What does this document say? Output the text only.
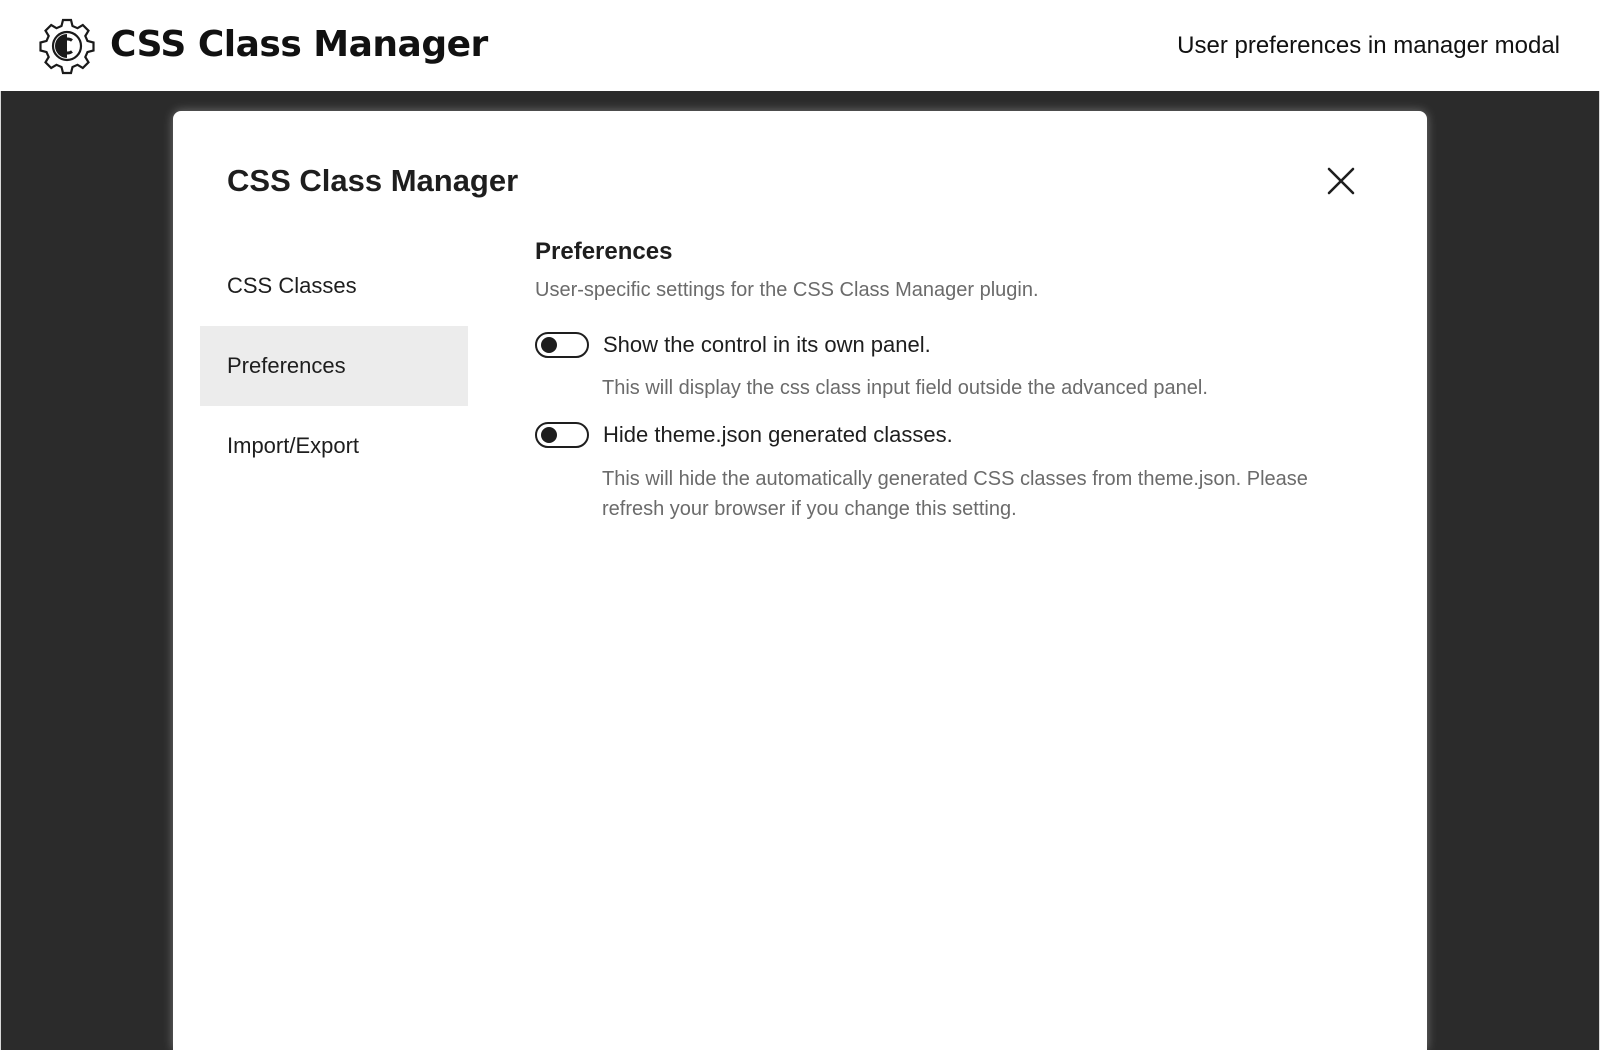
CSS Class Manager	User preferences in manager modal
CSS Class Manager
CSS Classes
Preferences
Import/Export
Preferences
User-specific settings for the CSS Class Manager plugin.
Show the control in its own panel.
This will display the css class input field outside the advanced panel.
Hide theme.json generated classes.
This will hide the automatically generated CSS classes from theme.json. Please refresh your browser if you change this setting.
